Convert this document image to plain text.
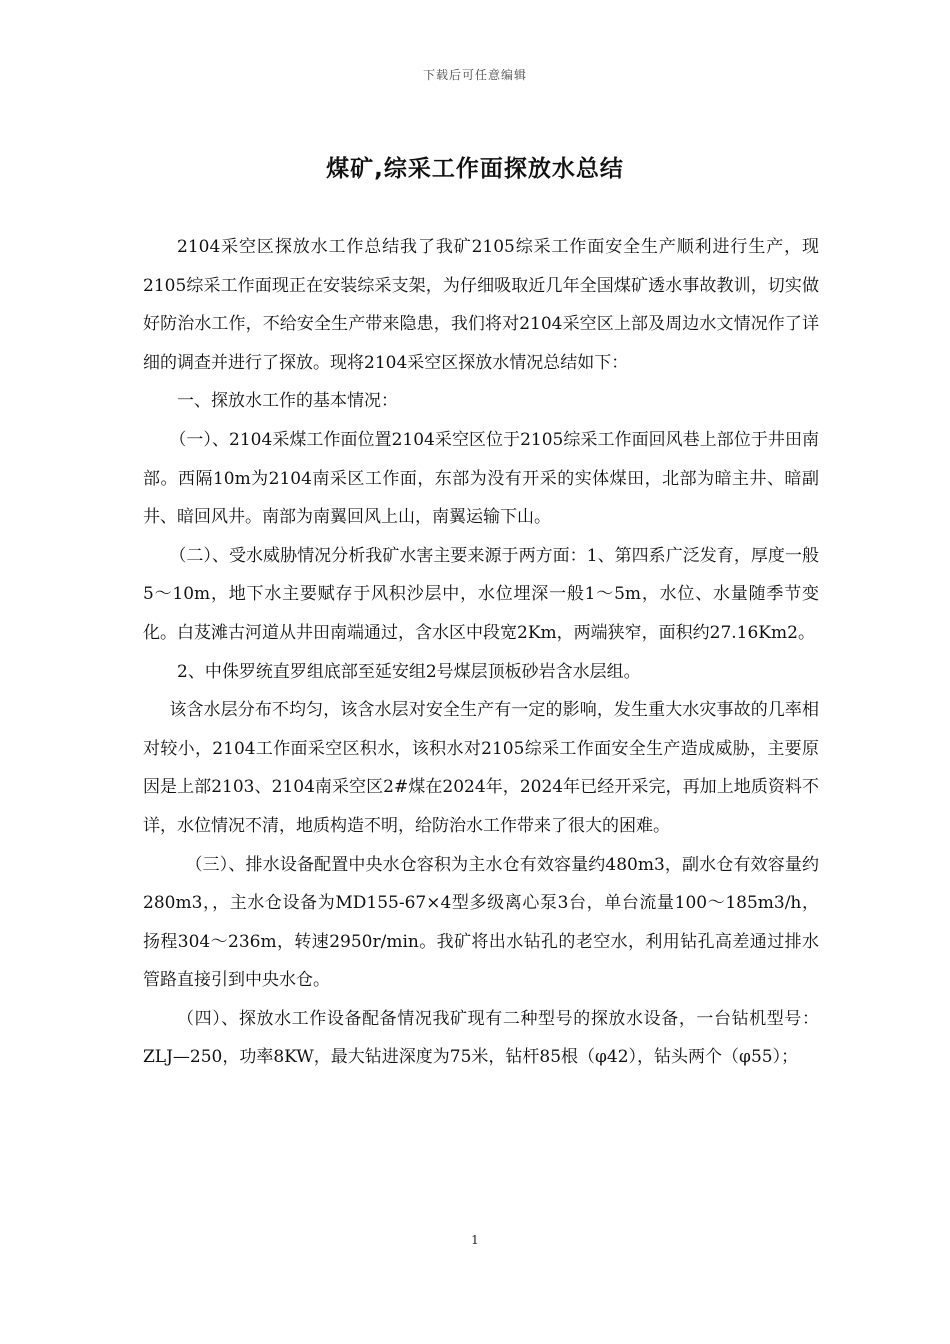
下载后可任意编辑
煤矿,综采工作面探放水总结

2104采空区探放水工作总结我了我矿2105综采工作面安全生产顺利进行生产，现2105综采工作面现正在安装综采支架，为仔细吸取近几年全国煤矿透水事故教训，切实做好防治水工作，不给安全生产带来隐患，我们将对2104采空区上部及周边水文情况作了详细的调查并进行了探放。现将2104采空区探放水情况总结如下：

一、探放水工作的基本情况：

（一）、2104采煤工作面位置2104采空区位于2105综采工作面回风巷上部位于井田南部。西隔10m为2104南采区工作面，东部为没有开采的实体煤田，北部为暗主井、暗副井、暗回风井。南部为南翼回风上山，南翼运输下山。

（二）、受水威胁情况分析我矿水害主要来源于两方面：1、第四系广泛发育，厚度一般5～10m，地下水主要赋存于风积沙层中，水位埋深一般1～5m，水位、水量随季节变化。白芨滩古河道从井田南端通过，含水区中段宽2Km，两端狭窄，面积约27.16Km2。

2、中侏罗统直罗组底部至延安组2号煤层顶板砂岩含水层组。

该含水层分布不均匀，该含水层对安全生产有一定的影响，发生重大水灾事故的几率相对较小，2104工作面采空区积水，该积水对2105综采工作面安全生产造成威胁，主要原因是上部2103、2104南采空区2#煤在2024年，2024年已经开采完，再加上地质资料不详，水位情况不清，地质构造不明，给防治水工作带来了很大的困难。

（三）、排水设备配置中央水仓容积为主水仓有效容量约480m3，副水仓有效容量约280m3，，主水仓设备为MD155-67×4型多级离心泵3台，单台流量100～185m3/h，扬程304～236m，转速2950r/min。我矿将出水钻孔的老空水，利用钻孔高差通过排水管路直接引到中央水仓。

（四）、探放水工作设备配备情况我矿现有二种型号的探放水设备，一台钻机型号：ZLJ—250，功率8KW，最大钻进深度为75米，钻杆85根（φ42），钻头两个（φ55）；

1
